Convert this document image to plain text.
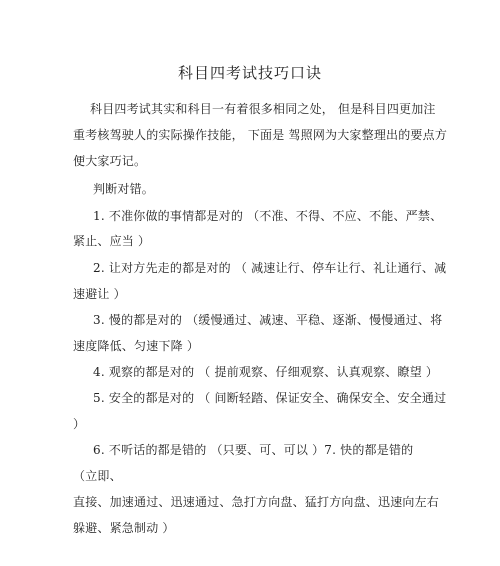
科目四考试技巧口诀
科目四考试其实和科目一有着很多相同之处， 但是科目四更加注
重考核驾驶人的实际操作技能， 下面是 驾照网为大家整理出的要点方
便大家巧记。
判断对错。
1. 不准你做的事情都是对的 （不准、不得、不应、不能、严禁、
紧止、应当 ）
2. 让对方先走的都是对的 （ 减速让行、停车让行、礼让通行、减
速避让 ）
3. 慢的都是对的 （缓慢通过、减速、平稳、逐渐、慢慢通过、将
速度降低、匀速下降 ）
4. 观察的都是对的 （ 提前观察、仔细观察、认真观察、瞭望 ）
5. 安全的都是对的 （ 间断轻踏、保证安全、确保安全、安全通过
）
6. 不听话的都是错的 （只要、可、可以 ）7. 快的都是错的
（立即、
直接、加速通过、迅速通过、急打方向盘、猛打方向盘、迅速向左右
躲避、紧急制动 ）
